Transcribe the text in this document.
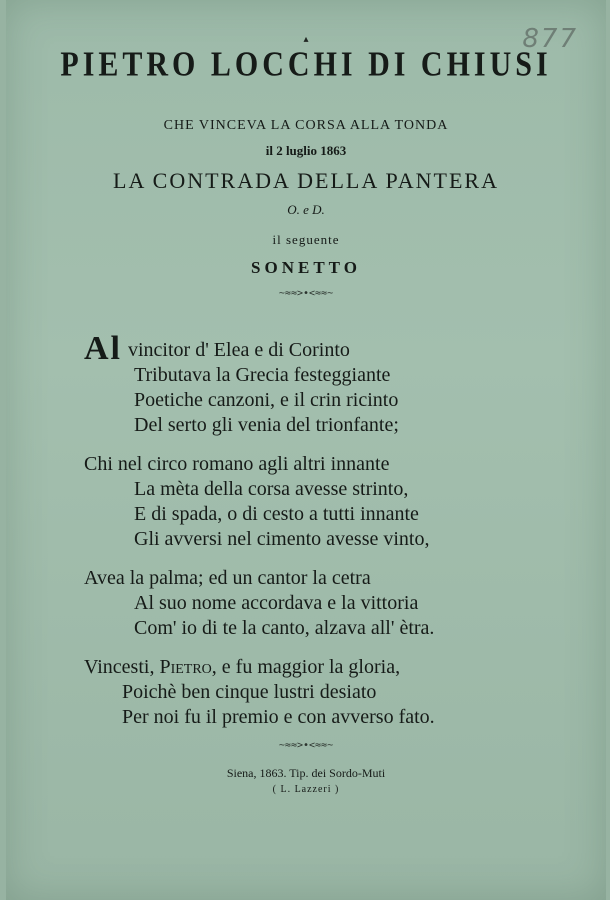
877
▴
PIETRO LOCCHI DI CHIUSI
CHE VINCEVA LA CORSA ALLA TONDA
il 2 luglio 1863
LA CONTRADA DELLA PANTERA
O. e D.
il seguente
SONETTO
~≈≈>•<≈≈~
Al vincitor d' Elea e di Corinto
Tributava la Grecia festeggiante
Poetiche canzoni, e il crin ricinto
Del serto gli venia del trionfante;
Chi nel circo romano agli altri innante
La mèta della corsa avesse strinto,
E di spada, o di cesto a tutti innante
Gli avversi nel cimento avesse vinto,
Avea la palma; ed un cantor la cetra
Al suo nome accordava e la vittoria
Com' io di te la canto, alzava all' ètra.
Vincesti, Pietro, e fu maggior la gloria,
Poichè ben cinque lustri desiato
Per noi fu il premio e con avverso fato.
~≈≈>•<≈≈~
Siena, 1863. Tip. dei Sordo-Muti
( L. Lazzeri )
